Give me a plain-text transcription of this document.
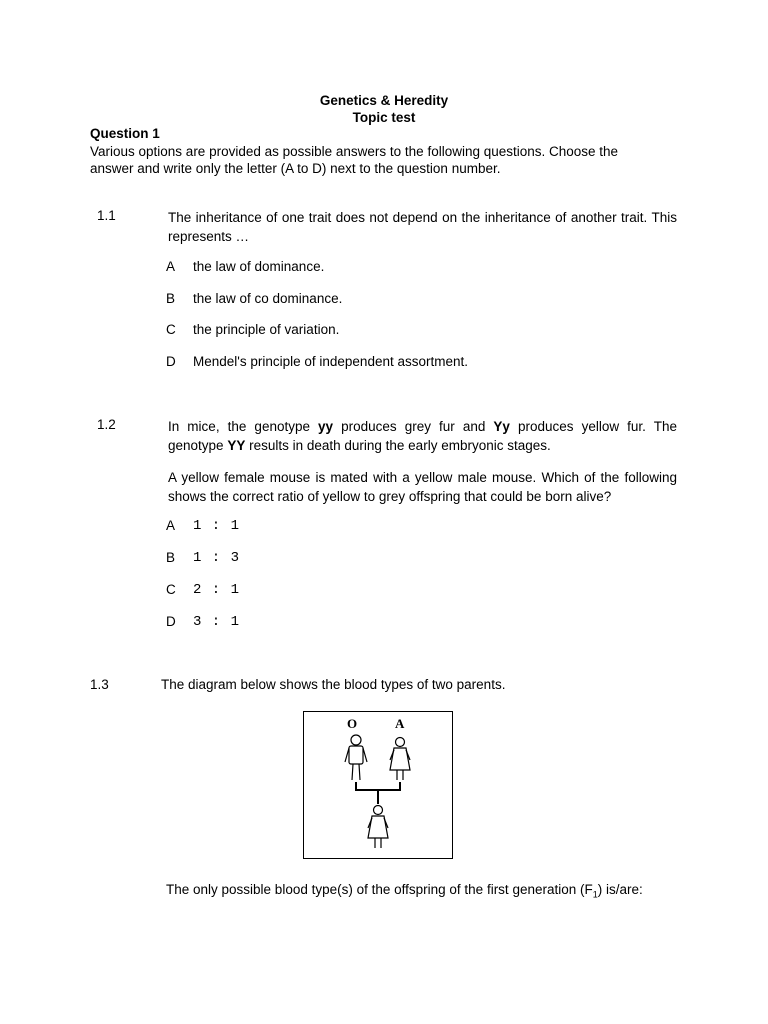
Genetics & Heredity
Topic test
Question 1
Various options are provided as possible answers to the following questions. Choose the answer and write only the letter (A to D) next to the question number.
1.1	The inheritance of one trait does not depend on the inheritance of another trait. This represents …
A the law of dominance.
B the law of co dominance.
C the principle of variation.
D Mendel's principle of independent assortment.
1.2	In mice, the genotype yy produces grey fur and Yy produces yellow fur. The genotype YY results in death during the early embryonic stages.
A yellow female mouse is mated with a yellow male mouse. Which of the following shows the correct ratio of yellow to grey offspring that could be born alive?
A 1 : 1
B 1 : 3
C 2 : 1
D 3 : 1
1.3	The diagram below shows the blood types of two parents.
O	A
The only possible blood type(s) of the offspring of the first generation $(F_1)$ is/are:
